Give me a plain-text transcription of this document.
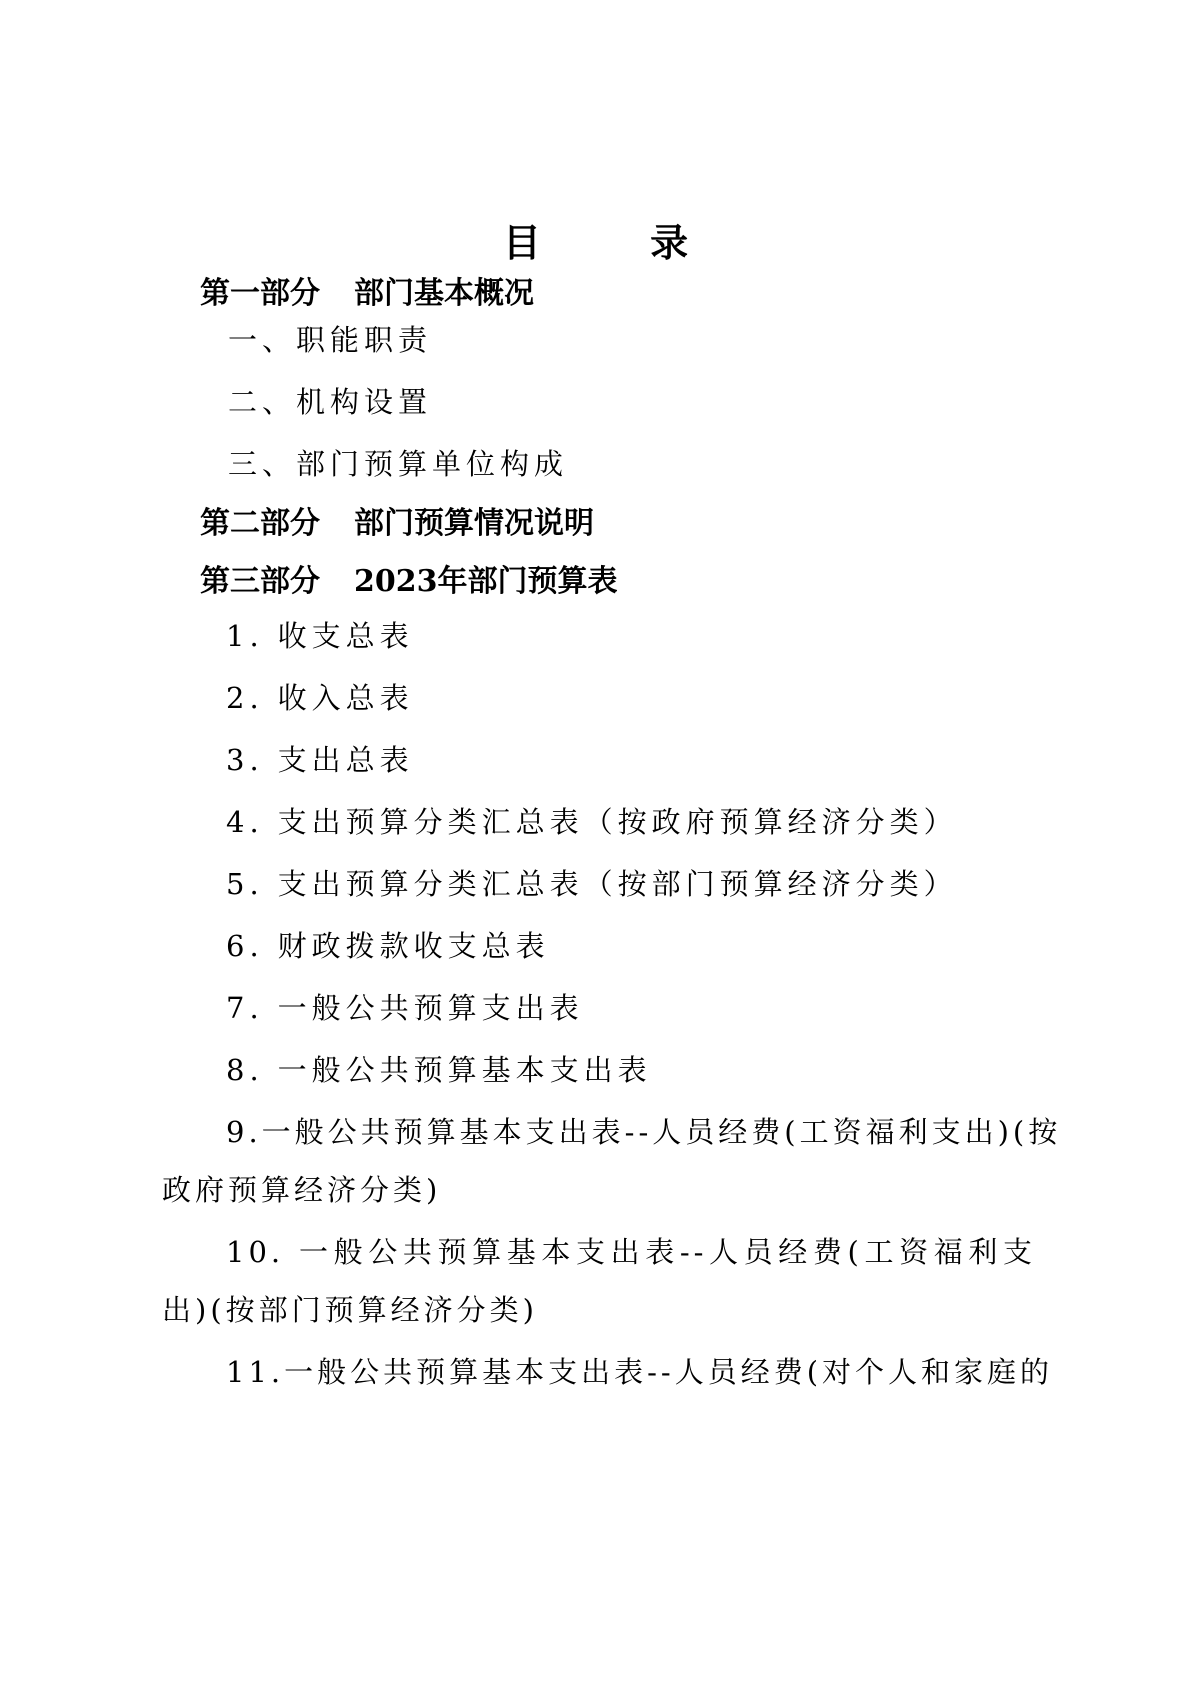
目 录
第一部分 部门基本概况
一、职能职责
二、机构设置
三、部门预算单位构成
第二部分 部门预算情况说明
第三部分 2023年部门预算表
1. 收支总表
2. 收入总表
3. 支出总表
4. 支出预算分类汇总表（按政府预算经济分类）
5. 支出预算分类汇总表（按部门预算经济分类）
6. 财政拨款收支总表
7. 一般公共预算支出表
8. 一般公共预算基本支出表
9.一般公共预算基本支出表--人员经费(工资福利支出)(按
政府预算经济分类)
10. 一般公共预算基本支出表--人员经费(工资福利支
出)(按部门预算经济分类)
11.一般公共预算基本支出表--人员经费(对个人和家庭的
